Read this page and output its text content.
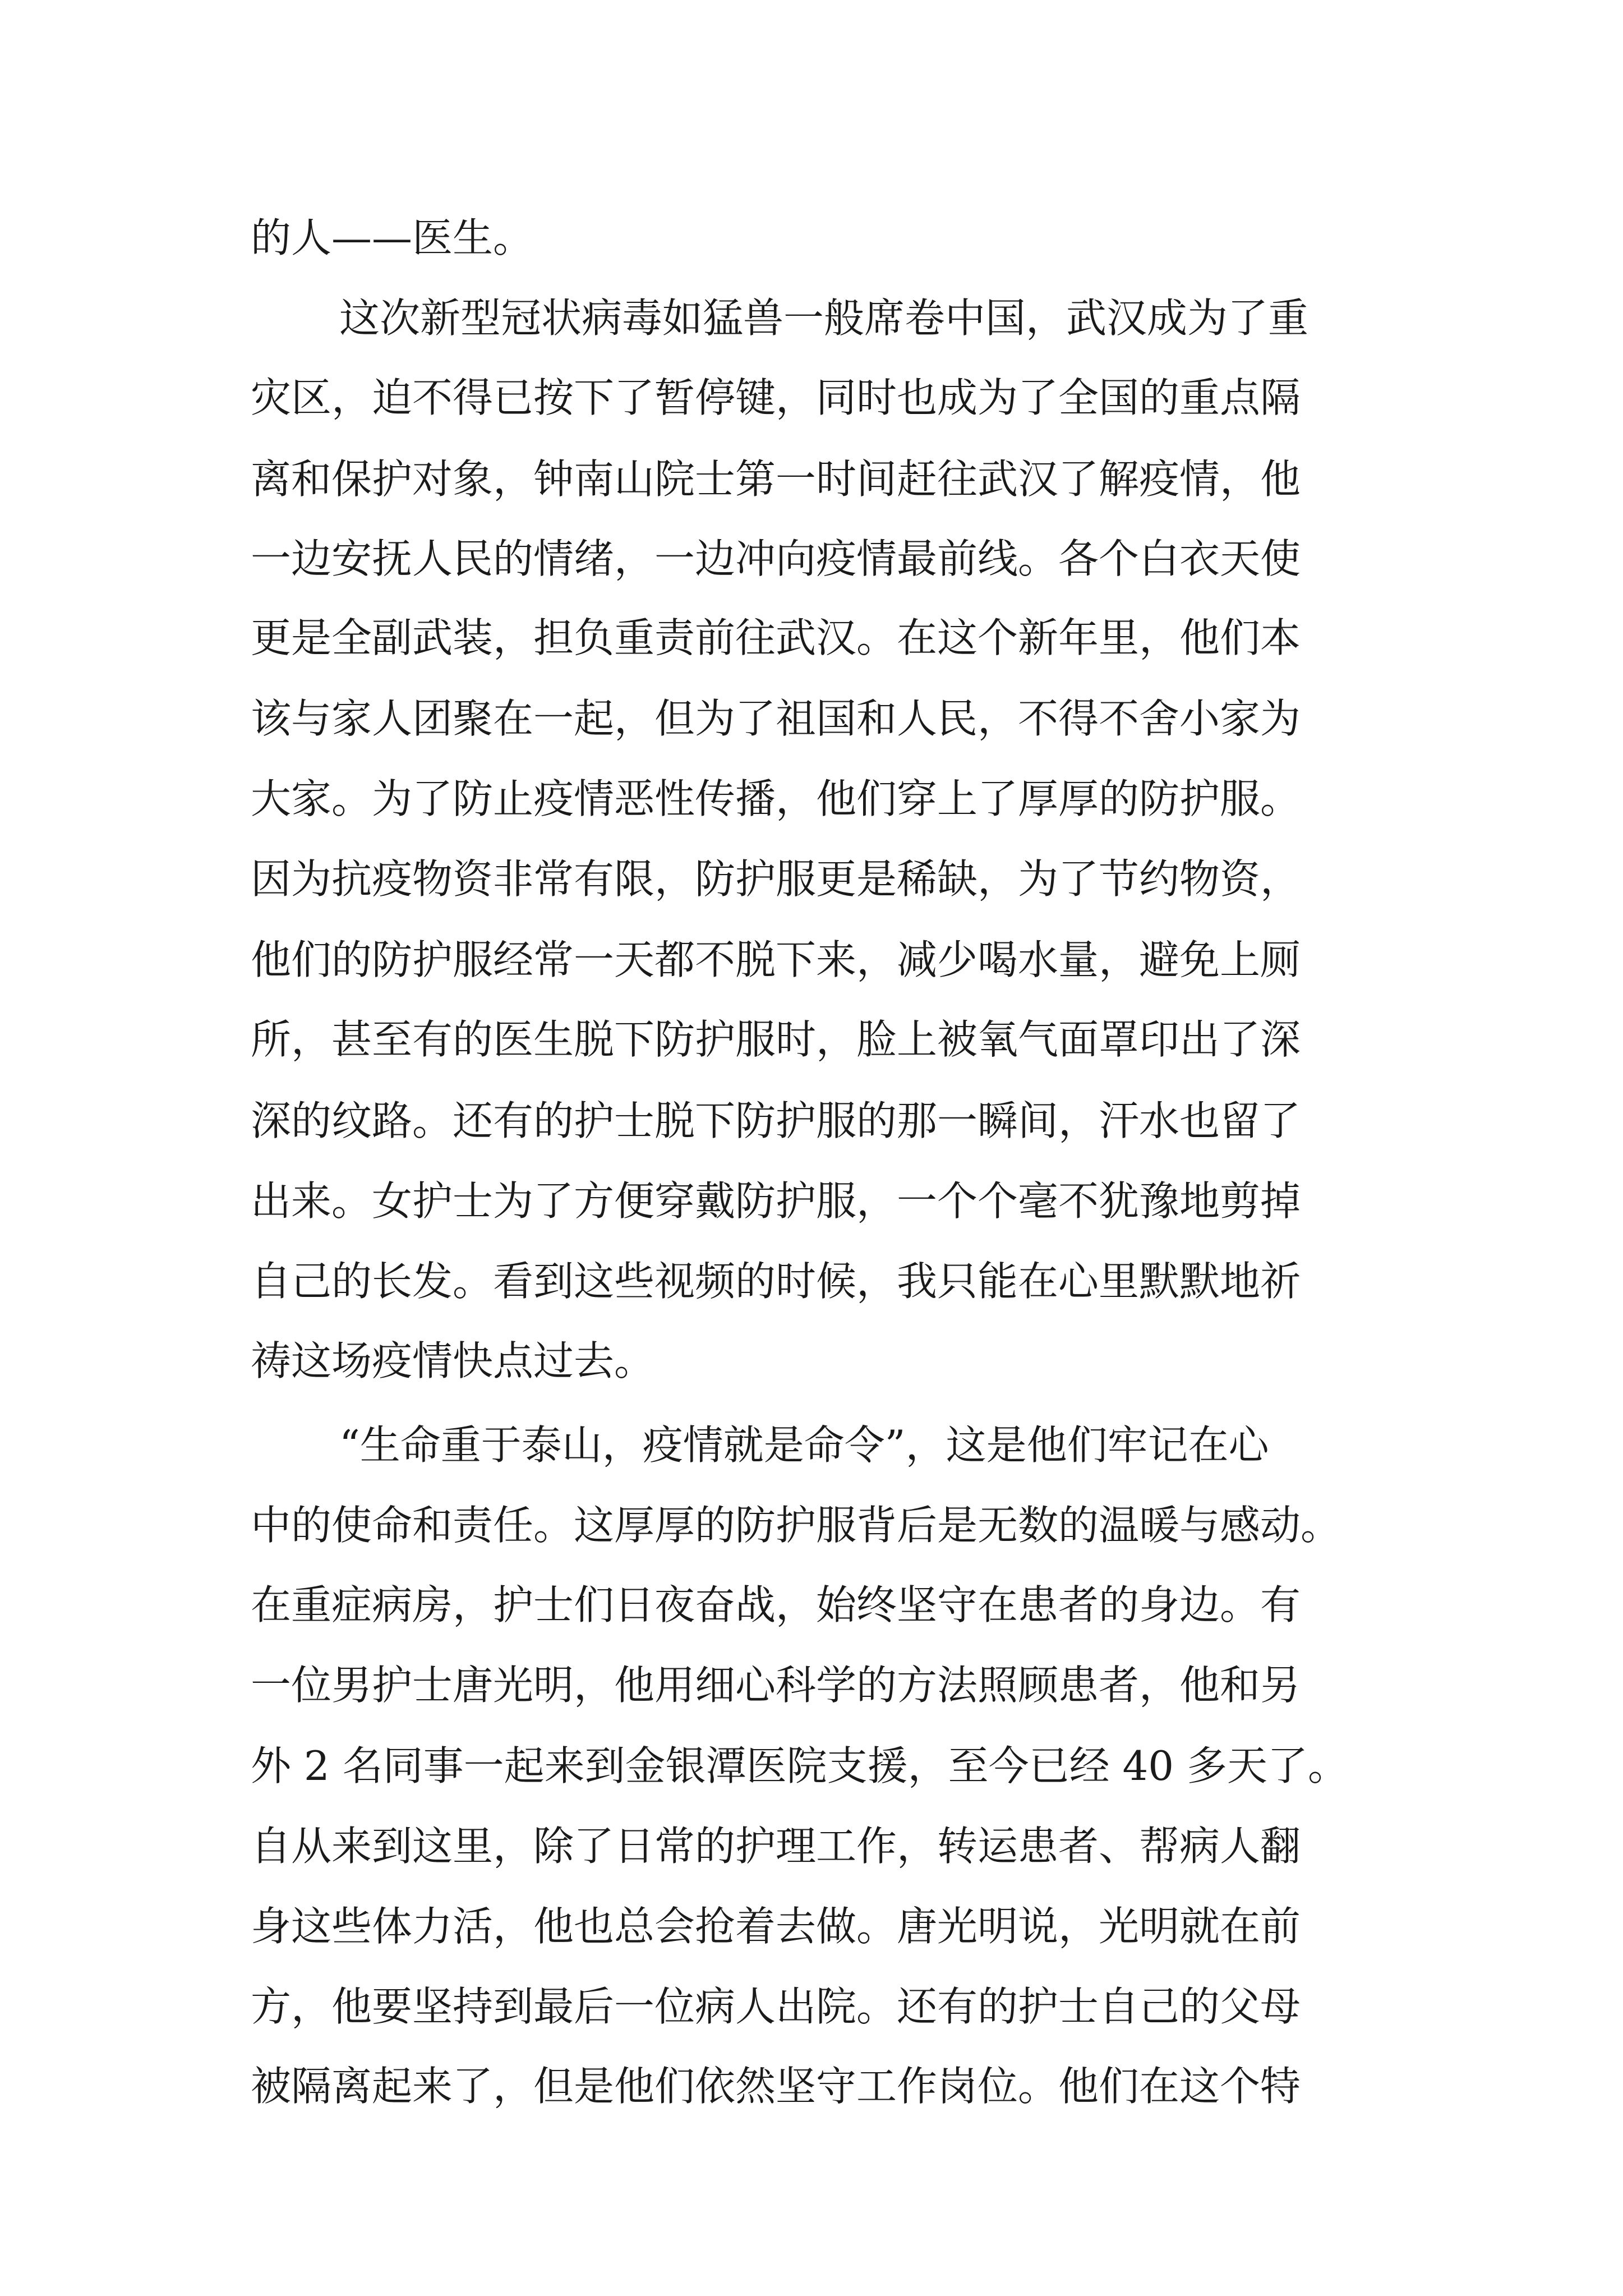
的人——医生。
这次新型冠状病毒如猛兽一般席卷中国，武汉成为了重
灾区，迫不得已按下了暂停键，同时也成为了全国的重点隔
离和保护对象，钟南山院士第一时间赶往武汉了解疫情，他
一边安抚人民的情绪，一边冲向疫情最前线。各个白衣天使
更是全副武装，担负重责前往武汉。在这个新年里，他们本
该与家人团聚在一起，但为了祖国和人民，不得不舍小家为
大家。为了防止疫情恶性传播，他们穿上了厚厚的防护服。
因为抗疫物资非常有限，防护服更是稀缺，为了节约物资，
他们的防护服经常一天都不脱下来，减少喝水量，避免上厕
所，甚至有的医生脱下防护服时，脸上被氧气面罩印出了深
深的纹路。还有的护士脱下防护服的那一瞬间，汗水也留了
出来。女护士为了方便穿戴防护服，一个个毫不犹豫地剪掉
自己的长发。看到这些视频的时候，我只能在心里默默地祈
祷这场疫情快点过去。
“生命重于泰山，疫情就是命令”，这是他们牢记在心
中的使命和责任。这厚厚的防护服背后是无数的温暖与感动。
在重症病房，护士们日夜奋战，始终坚守在患者的身边。有
一位男护士唐光明，他用细心科学的方法照顾患者，他和另
外 2 名同事一起来到金银潭医院支援，至今已经 40 多天了。
自从来到这里，除了日常的护理工作，转运患者、帮病人翻
身这些体力活，他也总会抢着去做。唐光明说，光明就在前
方，他要坚持到最后一位病人出院。还有的护士自己的父母
被隔离起来了，但是他们依然坚守工作岗位。他们在这个特
